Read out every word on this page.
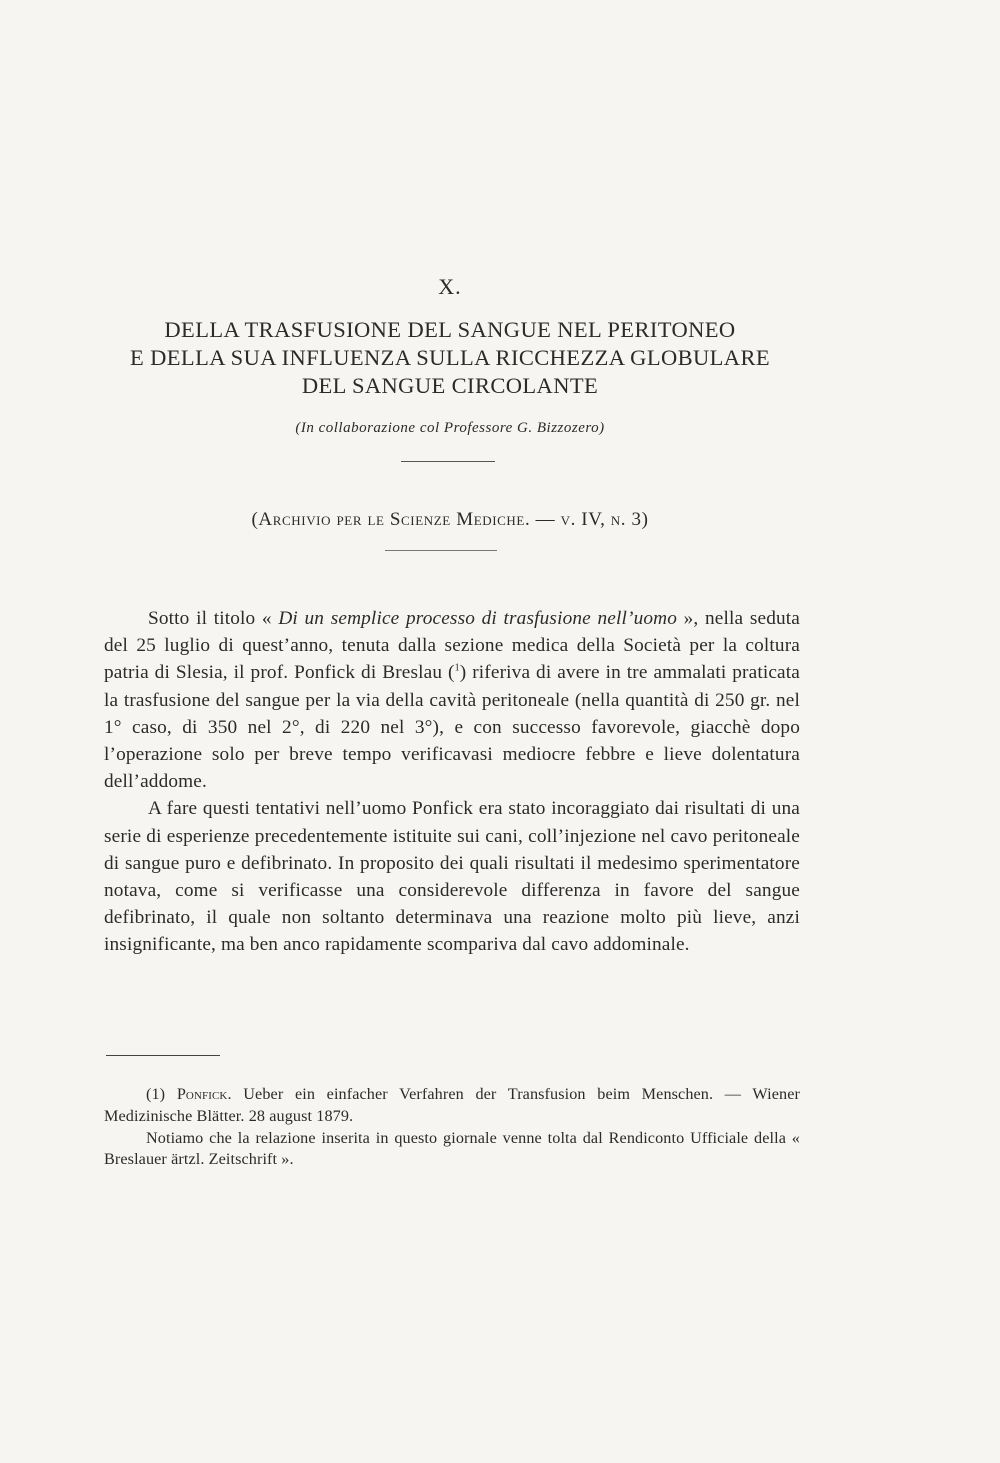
X.
DELLA TRASFUSIONE DEL SANGUE NEL PERITONEO
E DELLA SUA INFLUENZA SULLA RICCHEZZA GLOBULARE
DEL SANGUE CIRCOLANTE
(In collaborazione col Professore G. Bizzozero)
(Archivio per le Scienze Mediche. — v. IV, n. 3)

Sotto il titolo « Di un semplice processo di trasfusione nell’uomo », nella seduta del 25 luglio di quest’anno, tenuta dalla sezione medica della Società per la coltura patria di Slesia, il prof. Ponfick di Breslau ($^1$) riferiva di avere in tre ammalati praticata la trasfusione del sangue per la via della cavità peritoneale (nella quantità di 250 gr. nel 1° caso, di 350 nel 2°, di 220 nel 3°), e con successo favorevole, giacchè dopo l’operazione solo per breve tempo verificavasi mediocre febbre e lieve dolentatura dell’addome.

A fare questi tentativi nell’uomo Ponfick era stato incoraggiato dai risultati di una serie di esperienze precedentemente istituite sui cani, coll’injezione nel cavo peritoneale di sangue puro e defibrinato. In proposito dei quali risultati il medesimo sperimentatore notava, come si verificasse una considerevole differenza in favore del sangue defibrinato, il quale non soltanto determinava una reazione molto più lieve, anzi insignificante, ma ben anco rapidamente scompariva dal cavo addominale.

(1) Ponfick. Ueber ein einfacher Verfahren der Transfusion beim Menschen. — Wiener Medizinische Blätter. 28 august 1879.

Notiamo che la relazione inserita in questo giornale venne tolta dal Rendiconto Ufficiale della « Breslauer ärtzl. Zeitschrift ».
